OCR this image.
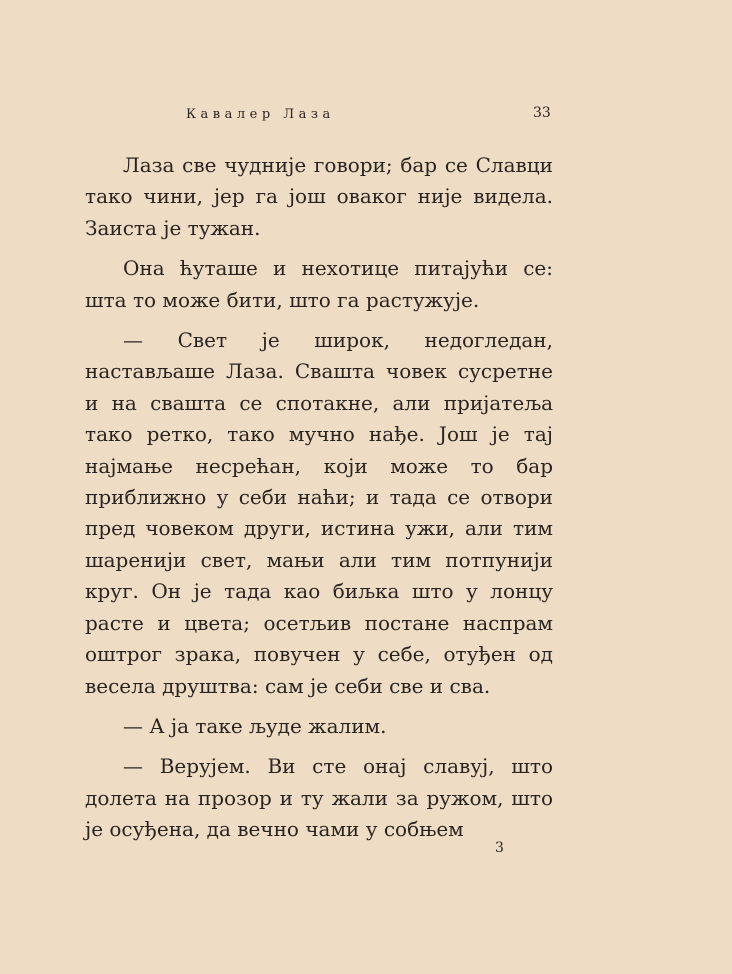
Кавалер Лаза	33

Лаза све чудније говори; бар се Славци тако чини, јер га још оваког није видела. Заиста је тужан.

Она ћуташе и нехотице питајући се: шта то може бити, што га растужује.

— Свет је широк, недогледан, настављаше Лаза. Свашта човек сусретне и на свашта се спотакне, али пријатеља тако ретко, тако мучно нађе. Још је тај најмање несрећан, који може то бар приближно у себи наћи; и тада се отвори пред човеком други, истина ужи, али тим шаренији свет, мањи али тим потпунији круг. Он је тада као биљка што у лонцу расте и цвета; осетљив постане наспрам оштрог зрака, повучен у себе, отуђен од весела друштва: сам је себи све и сва.

— А ја таке људе жалим.

— Верујем. Ви сте онај славуј, што долета на прозор и ту жали за ружом, што је осуђена, да вечно чами у собњем

3
